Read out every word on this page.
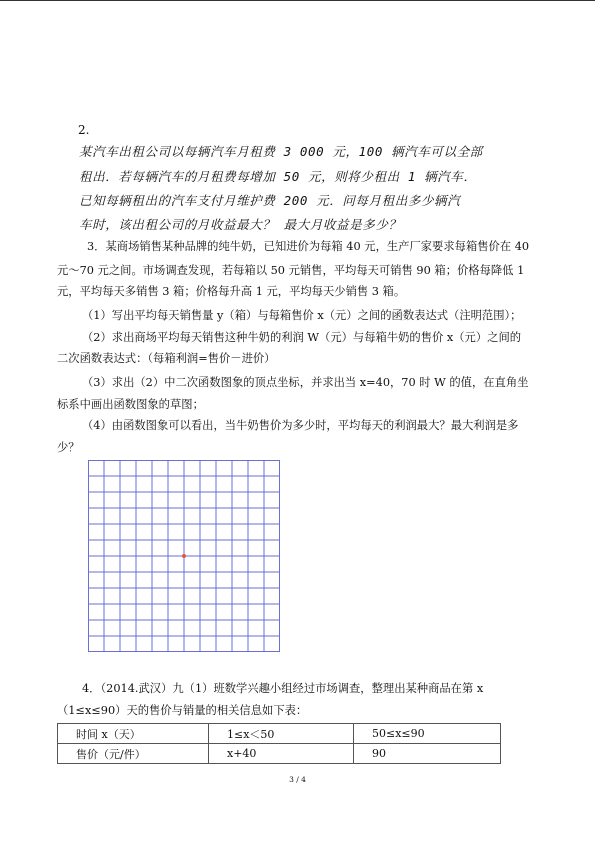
2.
某汽车出租公司以每辆汽车月租费 3 000 元，100 辆汽车可以全部
租出．若每辆汽车的月租费每增加 50 元，则将少租出 1 辆汽车．
已知每辆租出的汽车支付月维护费 200 元．问每月租出多少辆汽
车时，该出租公司的月收益最大？ 最大月收益是多少？
3．某商场销售某种品牌的纯牛奶，已知进价为每箱 40 元，生产厂家要求每箱售价在 40
元～70 元之间。市场调查发现，若每箱以 50 元销售，平均每天可销售 90 箱；价格每降低 1
元，平均每天多销售 3 箱；价格每升高 1 元，平均每天少销售 3 箱。
（1）写出平均每天销售量 y（箱）与每箱售价 x（元）之间的函数表达式（注明范围）；
（2）求出商场平均每天销售这种牛奶的利润 W（元）与每箱牛奶的售价 x（元）之间的
二次函数表达式：（每箱利润=售价－进价）
（3）求出（2）中二次函数图象的顶点坐标，并求出当 x=40，70 时 W 的值，在直角坐
标系中画出函数图象的草图；
（4）由函数图象可以看出，当牛奶售价为多少时，平均每天的利润最大？最大利润是多
少？
4．（2014.武汉）九（1）班数学兴趣小组经过市场调查，整理出某种商品在第 x
（1≤x≤90）天的售价与销量的相关信息如下表：
时间 x（天）	1≤x＜50	50≤x≤90
售价（元/件）	x+40	90
3 / 4
